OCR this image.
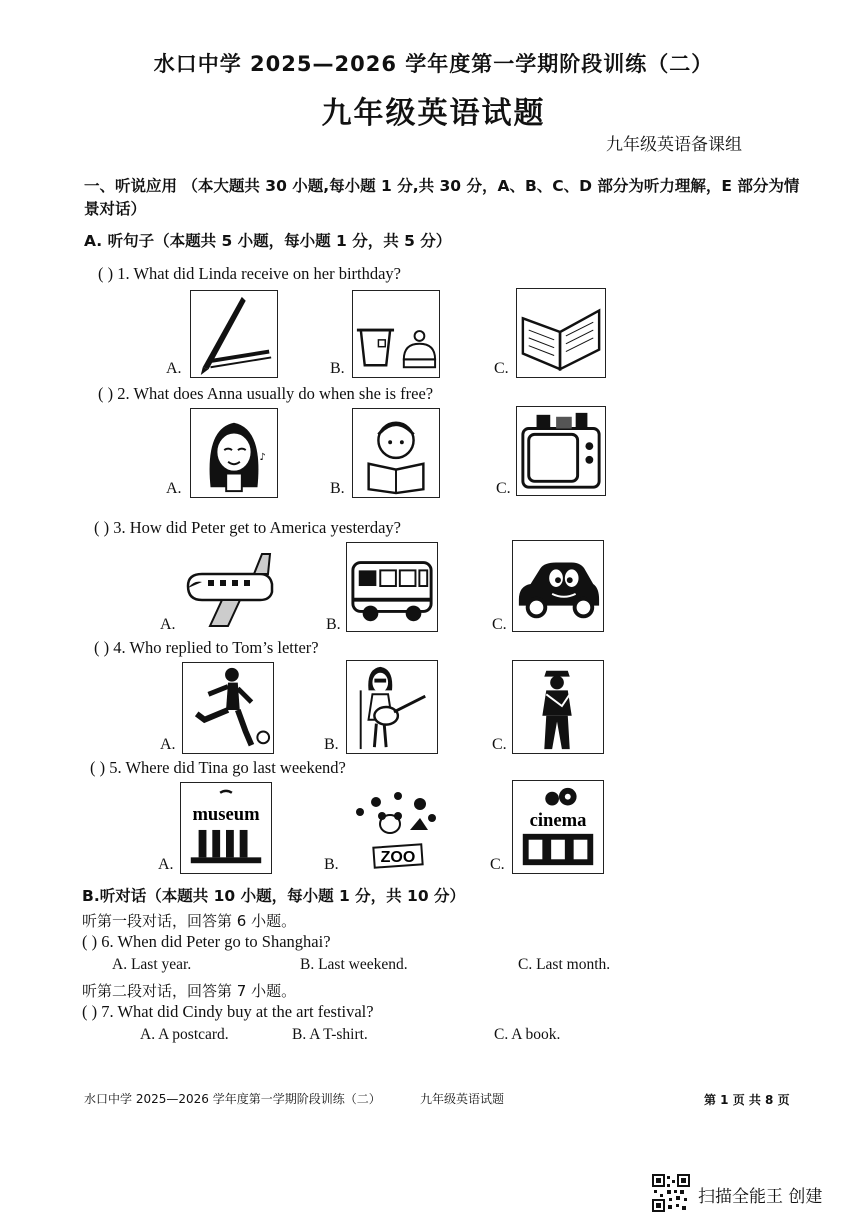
水口中学 2025—2026 学年度第一学期阶段训练（二）
九年级英语试题
九年级英语备课组
一、听说应用 （本大题共 30 小题,每小题 1 分,共 30 分，A、B、C、D 部分为听力理解，E 部分为情景对话）
A. 听句子（本题共 5 小题，每小题 1 分，共 5 分）
( ) 1. What did Linda receive on her birthday?
A.	B.	C.
( ) 2. What does Anna usually do when she is free?
A.
♪
B.	C.
( ) 3. How did Peter get to America yesterday?
A.	B.	C.
( ) 4. Who replied to Tom’s letter?
A.	B.	C.
( ) 5. Where did Tina go last weekend?
A.
museum
B.	ZOO	C.
cinema
B.听对话（本题共 10 小题，每小题 1 分，共 10 分）
听第一段对话，回答第 6 小题。
( ) 6. When did Peter go to Shanghai?
A. Last year.	B. Last weekend.	C. Last month.
听第二段对话，回答第 7 小题。
( ) 7. What did Cindy buy at the art festival?
A. A postcard.	B. A T-shirt.	C. A book.
水口中学 2025—2026 学年度第一学期阶段训练（二）	九年级英语试题	第 1 页 共 8 页
扫描全能王 创建
